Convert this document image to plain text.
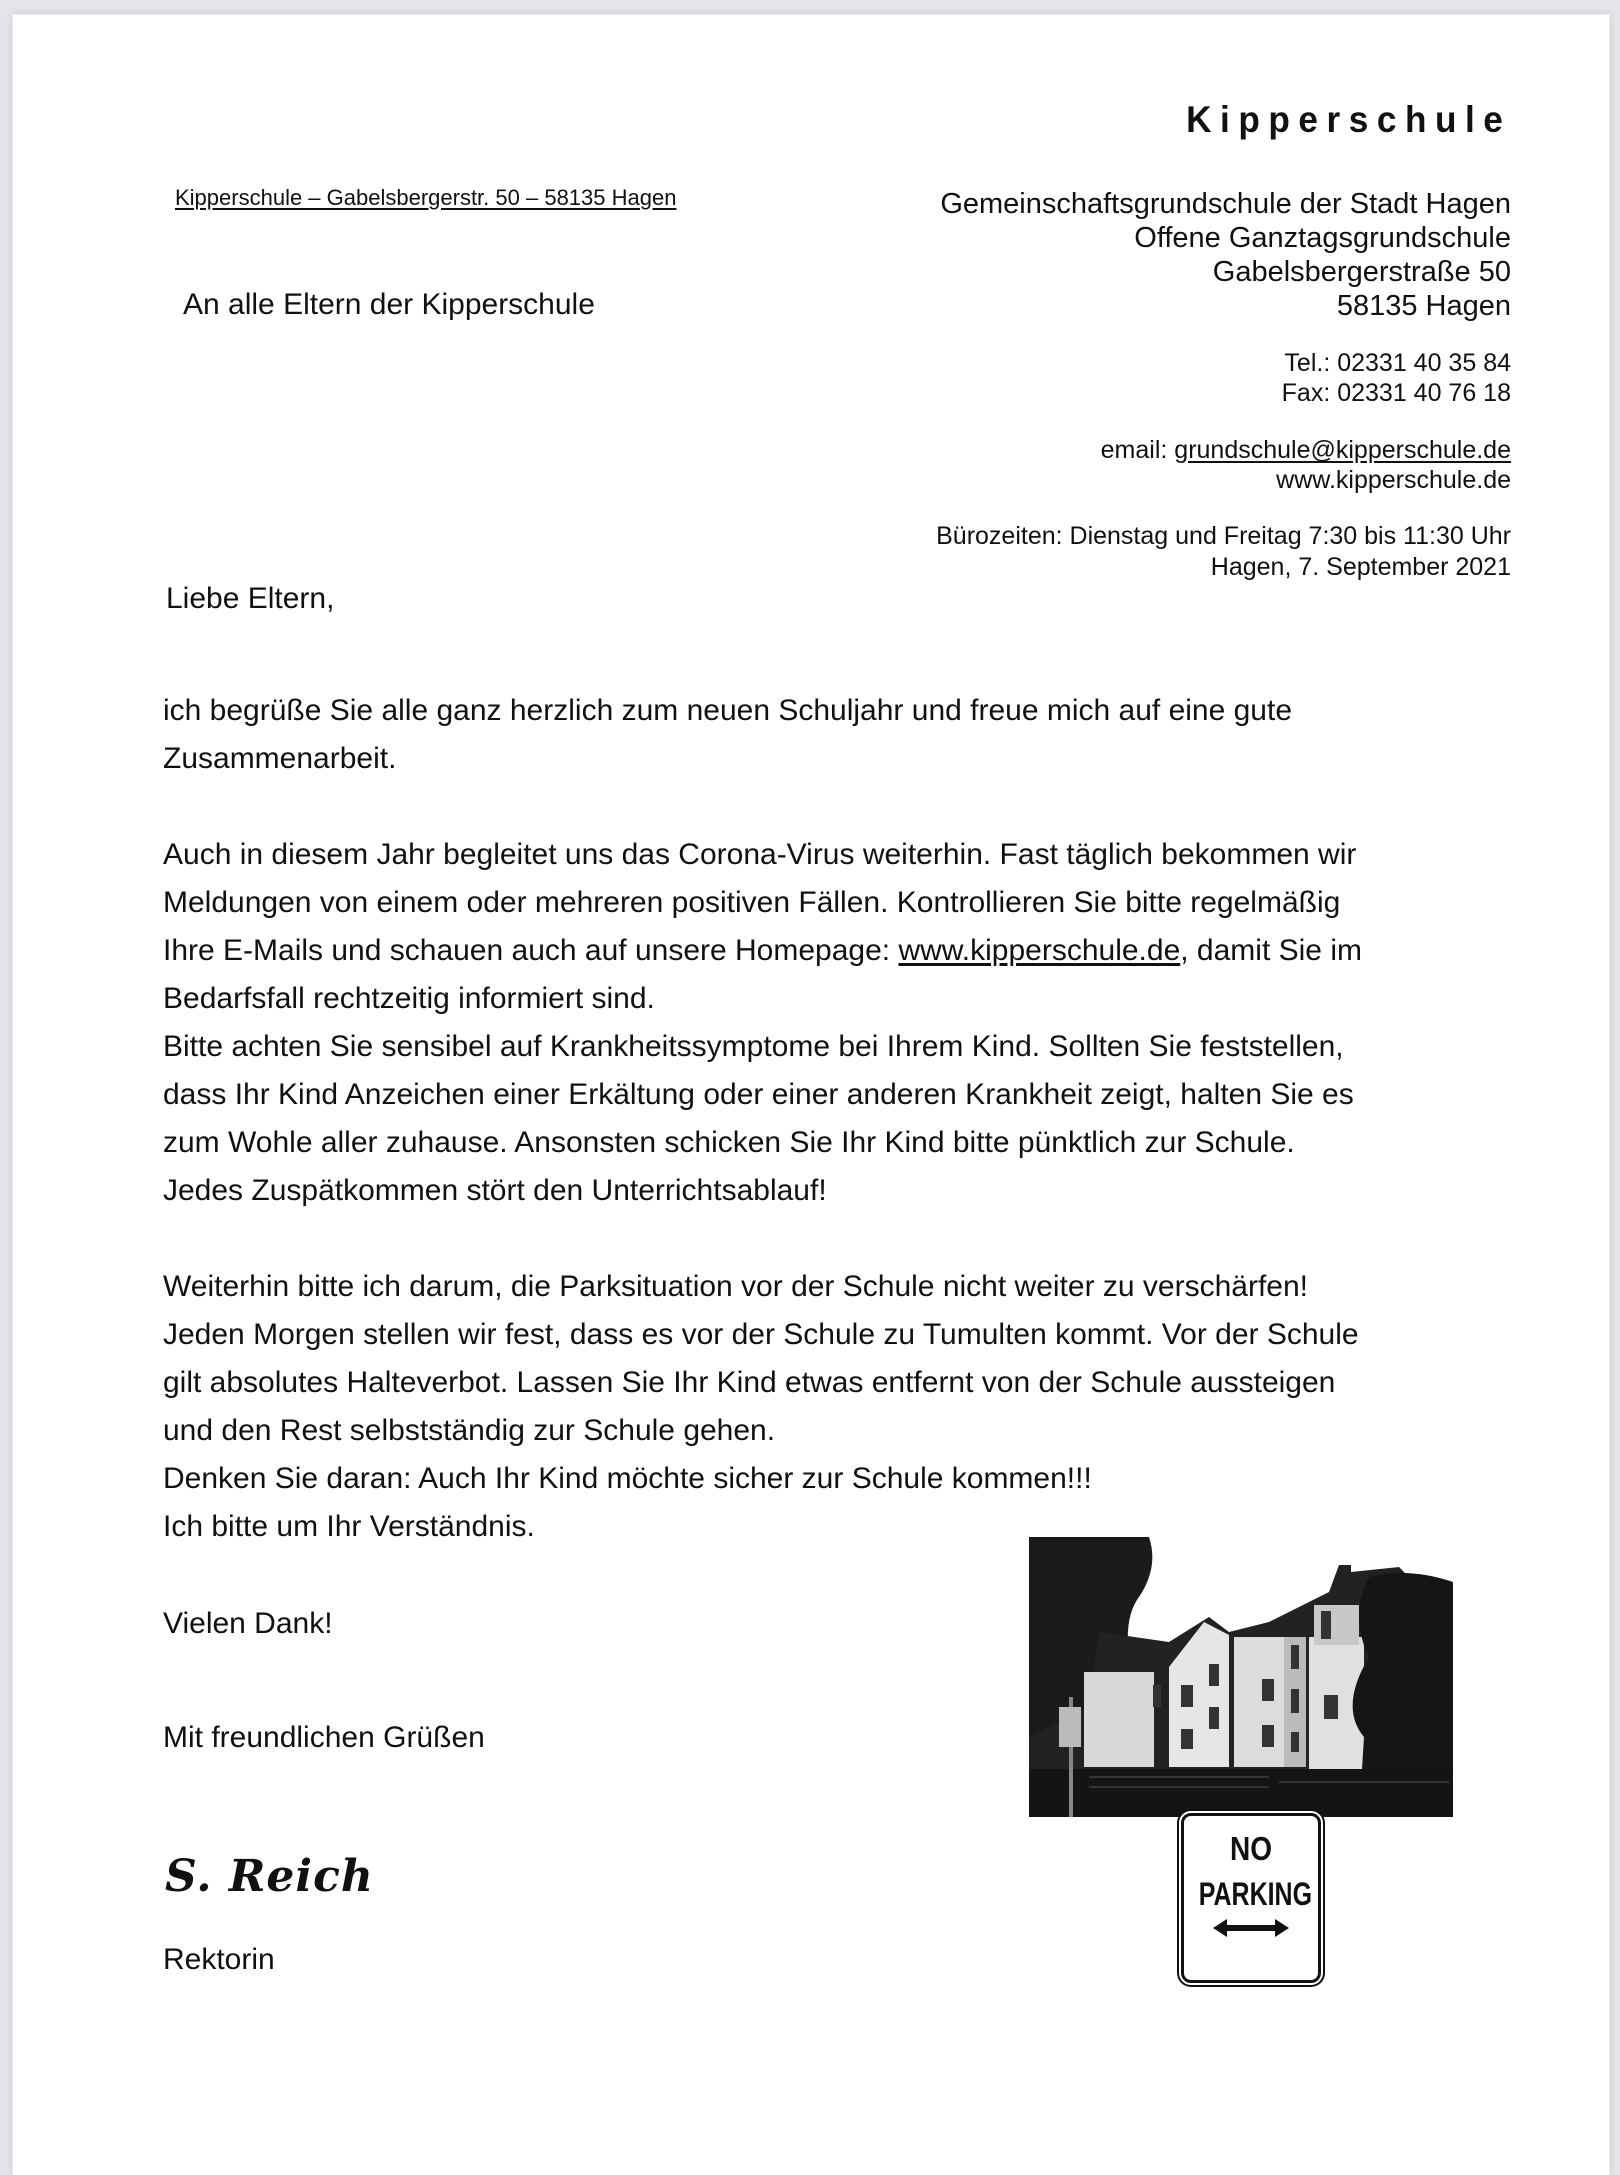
Kipperschule
Kipperschule – Gabelsbergerstr. 50 – 58135 Hagen
An alle Eltern der Kipperschule
Gemeinschaftsgrundschule der Stadt Hagen
Offene Ganztagsgrundschule
Gabelsbergerstraße 50
58135 Hagen
Tel.: 02331 40 35 84
Fax: 02331 40 76 18
email: grundschule@kipperschule.de
www.kipperschule.de
Bürozeiten: Dienstag und Freitag 7:30 bis 11:30 Uhr
Hagen, 7. September 2021
Liebe Eltern,

ich begrüße Sie alle ganz herzlich zum neuen Schuljahr und freue mich auf eine gute

Zusammenarbeit.

Auch in diesem Jahr begleitet uns das Corona-Virus weiterhin. Fast täglich bekommen wir

Meldungen von einem oder mehreren positiven Fällen. Kontrollieren Sie bitte regelmäßig

Ihre E-Mails und schauen auch auf unsere Homepage: www.kipperschule.de, damit Sie im

Bedarfsfall rechtzeitig informiert sind.

Bitte achten Sie sensibel auf Krankheitssymptome bei Ihrem Kind. Sollten Sie feststellen,

dass Ihr Kind Anzeichen einer Erkältung oder einer anderen Krankheit zeigt, halten Sie es

zum Wohle aller zuhause. Ansonsten schicken Sie Ihr Kind bitte pünktlich zur Schule.

Jedes Zuspätkommen stört den Unterrichtsablauf!

Weiterhin bitte ich darum, die Parksituation vor der Schule nicht weiter zu verschärfen!

Jeden Morgen stellen wir fest, dass es vor der Schule zu Tumulten kommt. Vor der Schule

gilt absolutes Halteverbot. Lassen Sie Ihr Kind etwas entfernt von der Schule aussteigen

und den Rest selbstständig zur Schule gehen.

Denken Sie daran: Auch Ihr Kind möchte sicher zur Schule kommen!!!

Ich bitte um Ihr Verständnis.

Vielen Dank!
Mit freundlichen Grüßen
S. Reich
Rektorin
NO
PARKING
